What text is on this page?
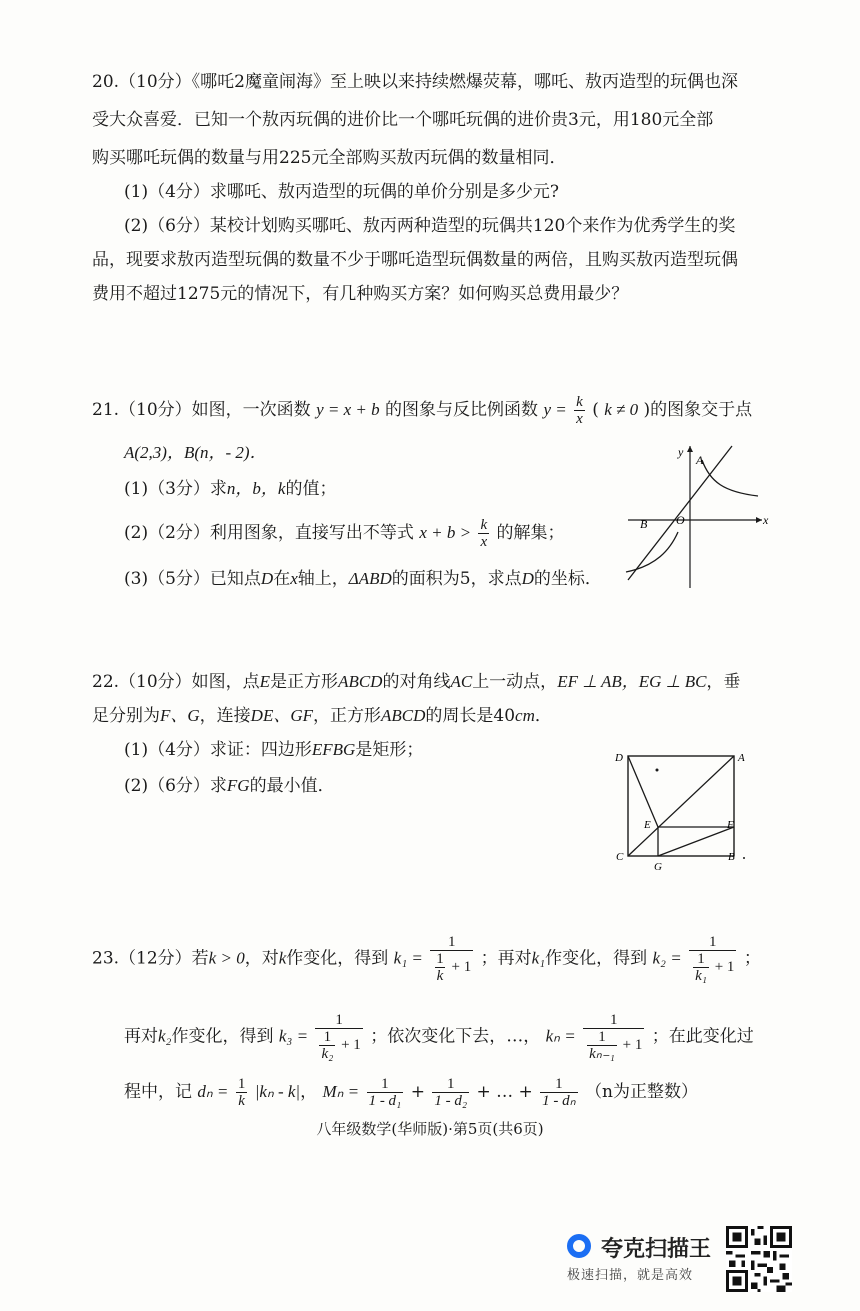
20.（10分）《哪吒2魔童闹海》至上映以来持续燃爆荧幕，哪吒、敖丙造型的玩偶也深
受大众喜爱．已知一个敖丙玩偶的进价比一个哪吒玩偶的进价贵3元，用180元全部
购买哪吒玩偶的数量与用225元全部购买敖丙玩偶的数量相同．
(1)（4分）求哪吒、敖丙造型的玩偶的单价分别是多少元?
(2)（6分）某校计划购买哪吒、敖丙两种造型的玩偶共120个来作为优秀学生的奖
品，现要求敖丙造型玩偶的数量不少于哪吒造型玩偶数量的两倍，且购买敖丙造型玩偶
费用不超过1275元的情况下，有几种购买方案？如何购买总费用最少？
21.（10分）如图，一次函数 y = x + b 的图象与反比例函数 $y = \frac{k}{x}$ ( k ≠ 0 )的图象交于点
A(2,3)，B(n，- 2)．
(1)（3分）求n，b，k的值；
(2)（2分）利用图象，直接写出不等式 $x + b > \frac{k}{x}$ 的解集；
(3)（5分）已知点D在x轴上，ΔABD的面积为5，求点D的坐标．
y
x
A
B O
22.（10分）如图，点E是正方形ABCD的对角线AC上一动点，EF ⊥ AB，EG ⊥ BC，垂
足分别为F、G，连接DE、GF，正方形ABCD的周长是40cm．
(1)（4分）求证：四边形EFBG是矩形；
(2)（6分）求FG的最小值．
D	A
C	B
E	F
G
23.（12分）若k > 0，对k作变化，得到 $k_1 = \frac{1}{\frac{1}{k} + 1}$ ；再对k₁作变化，得到 $k_2 = \frac{1}{\frac{1}{\text{k₁}} + 1}$ ；
再对k₂作变化，得到 $k_3 = \frac{1}{\frac{1}{\text{k₂}} + 1}$ ；依次变化下去，…， $k_n = \frac{1}{\frac{1}{\text{kₙ₋₁}} + 1}$ ；在此变化过
程中，记 $d_n = \frac{1}{k} |k_n - k|$， $M_n = \frac{1}{\text{1 - d₁}} + \frac{1}{\text{1 - d₂}}$ + … + $\frac{1}{\text{1 - dₙ}} (n$为正整数）
八年级数学(华师版)·第5页(共6页)
夸克扫描王
极速扫描，就是高效
